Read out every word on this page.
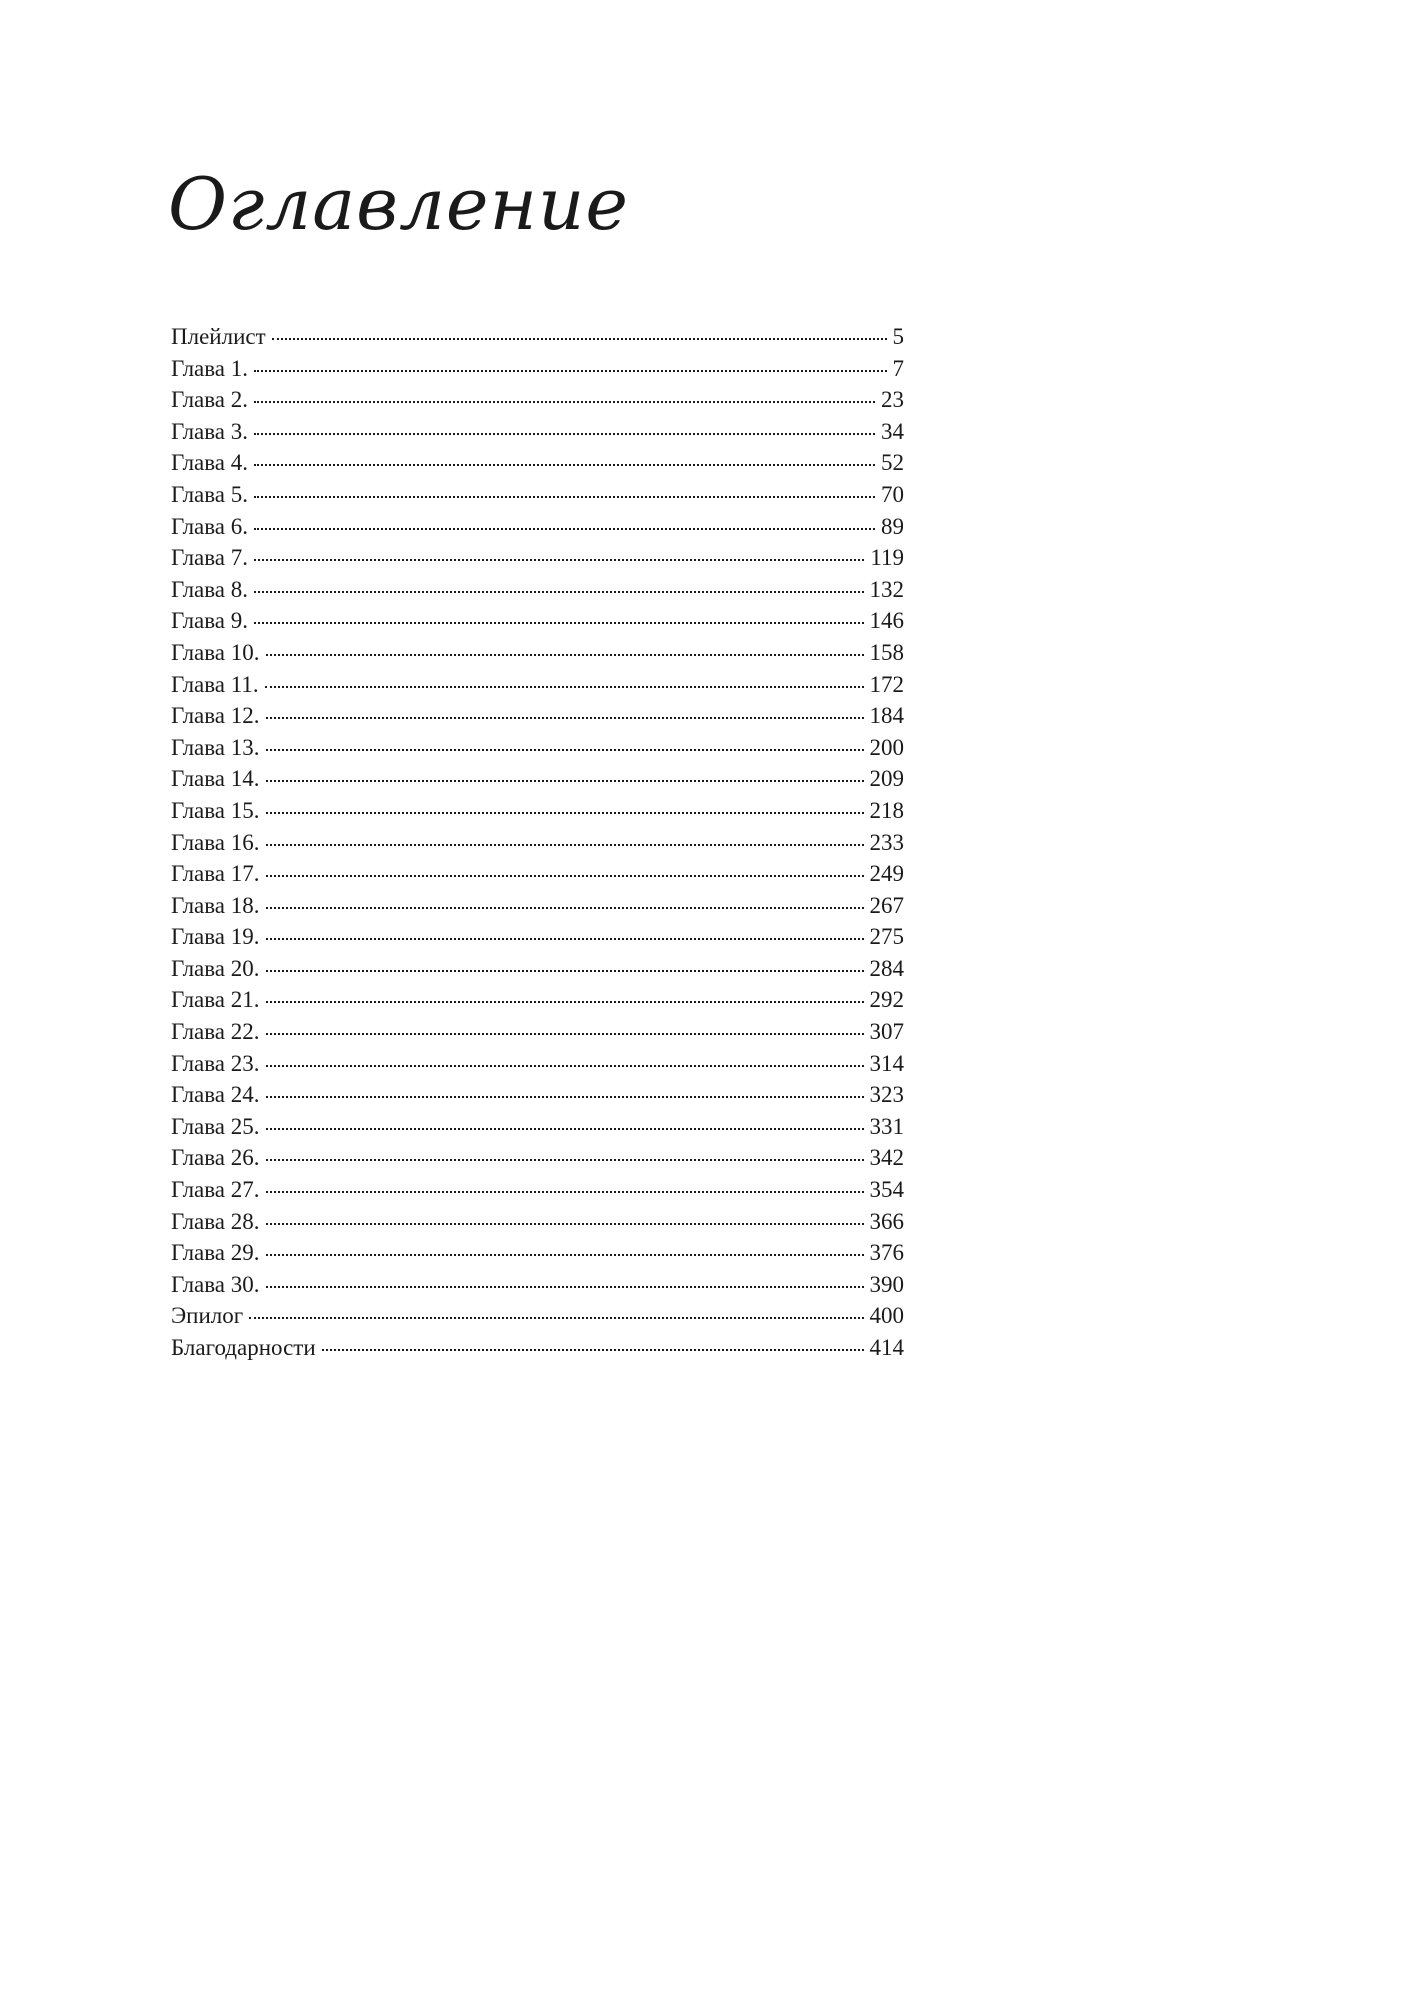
Оглавление
Плейлист	5
Глава 1.	7
Глава 2.	23
Глава 3.	34
Глава 4.	52
Глава 5.	70
Глава 6.	89
Глава 7.	119
Глава 8.	132
Глава 9.	146
Глава 10.	158
Глава 11.	172
Глава 12.	184
Глава 13.	200
Глава 14.	209
Глава 15.	218
Глава 16.	233
Глава 17.	249
Глава 18.	267
Глава 19.	275
Глава 20.	284
Глава 21.	292
Глава 22.	307
Глава 23.	314
Глава 24.	323
Глава 25.	331
Глава 26.	342
Глава 27.	354
Глава 28.	366
Глава 29.	376
Глава 30.	390
Эпилог	400
Благодарности	414
